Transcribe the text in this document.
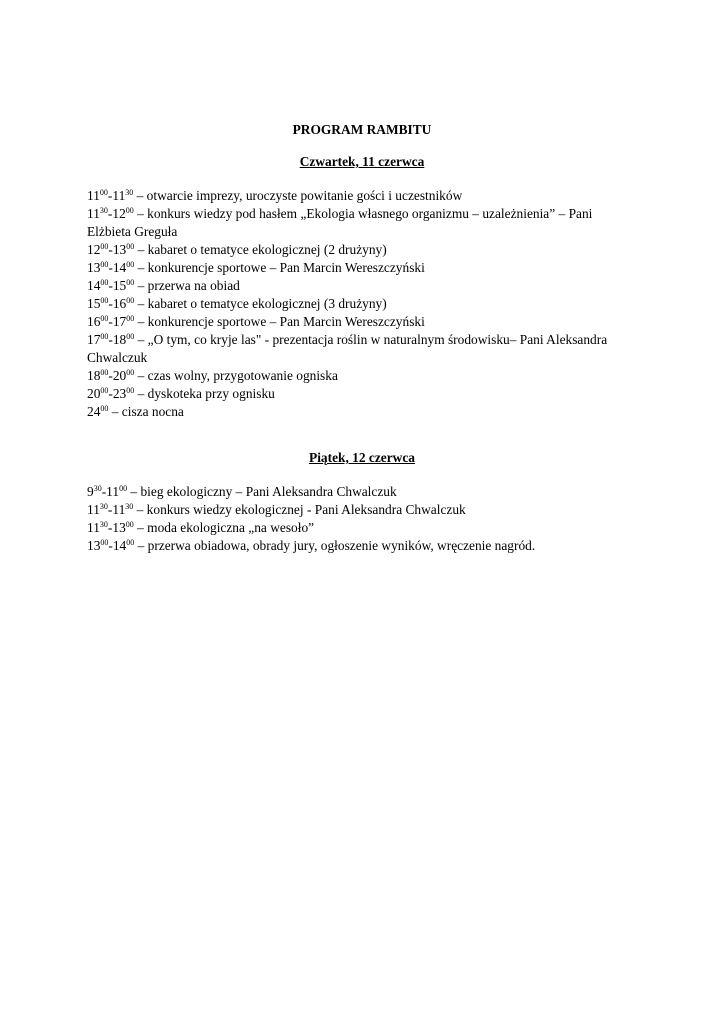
PROGRAM RAMBITU
Czwartek, 11 czerwca
$11^{00}-11^{30}$ – otwarcie imprezy, uroczyste powitanie gości i uczestników
$11^{30}-12^{00}$ – konkurs wiedzy pod hasłem „Ekologia własnego organizmu – uzależnienia” – Pani Elżbieta Greguła
$12^{00}-13^{00}$ – kabaret o tematyce ekologicznej (2 drużyny)
$13^{00}-14^{00}$ – konkurencje sportowe – Pan Marcin Wereszczyński
$14^{00}-15^{00}$ – przerwa na obiad
$15^{00}-16^{00}$ – kabaret o tematyce ekologicznej (3 drużyny)
$16^{00}-17^{00}$ – konkurencje sportowe – Pan Marcin Wereszczyński
$17^{00}-18^{00}$ – „O tym, co kryje las" - prezentacja roślin w naturalnym środowisku– Pani Aleksandra Chwalczuk
$18^{00}-20^{00}$ – czas wolny, przygotowanie ogniska
$20^{00}-23^{00}$ – dyskoteka przy ognisku
$24^{00}$ – cisza nocna
Piątek, 12 czerwca
$9^{30}-11^{00}$ – bieg ekologiczny – Pani Aleksandra Chwalczuk
$11^{30}-11^{30}$ – konkurs wiedzy ekologicznej - Pani Aleksandra Chwalczuk
$11^{30}-13^{00}$ – moda ekologiczna „na wesoło”
$13^{00}-14^{00}$ – przerwa obiadowa, obrady jury, ogłoszenie wyników, wręczenie nagród.
